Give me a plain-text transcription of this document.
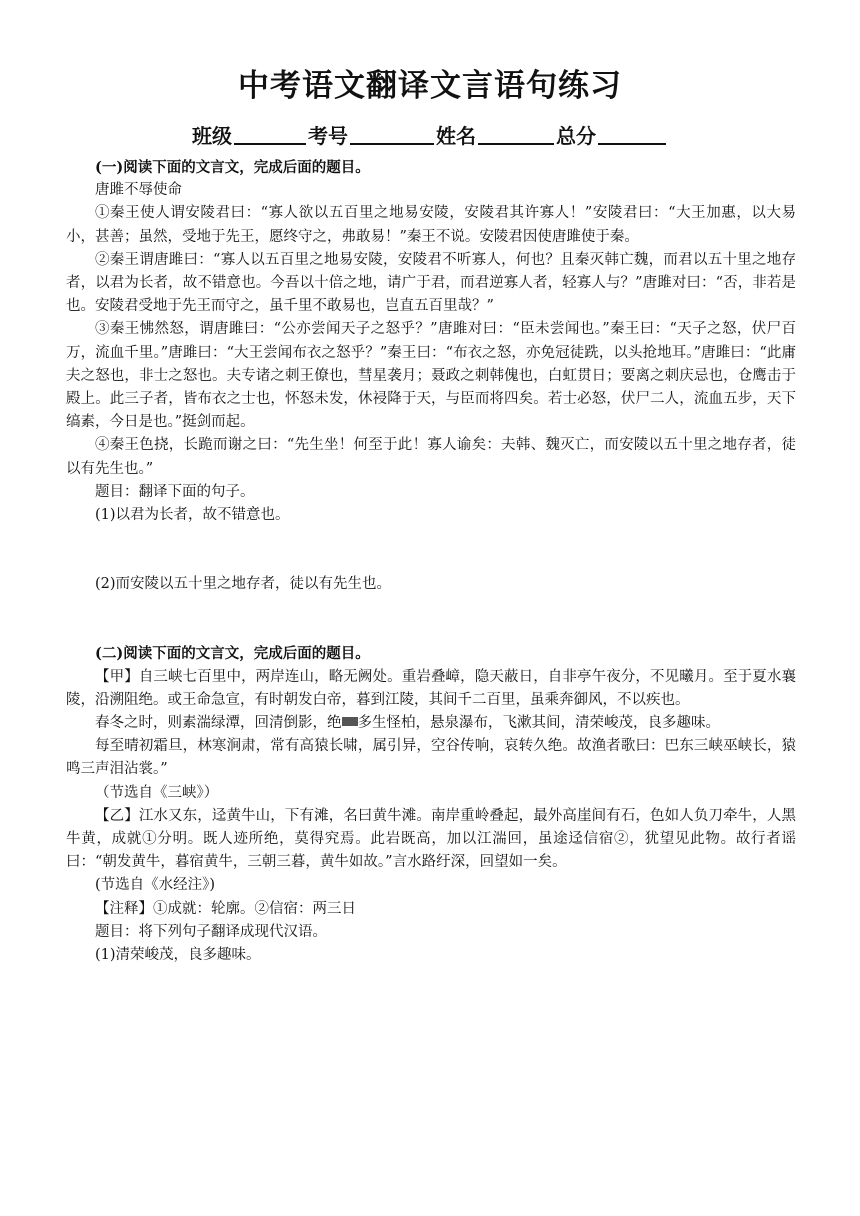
中考语文翻译文言语句练习
班级	考号	姓名	总分

(一)阅读下面的文言文，完成后面的题目。

唐雎不辱使命

①秦王使人谓安陵君曰：“寡人欲以五百里之地易安陵，安陵君其许寡人！”安陵君曰：“大王加惠，以大易小，甚善；虽然，受地于先王，愿终守之，弗敢易！”秦王不说。安陵君因使唐雎使于秦。

②秦王谓唐雎曰：“寡人以五百里之地易安陵，安陵君不听寡人，何也？且秦灭韩亡魏，而君以五十里之地存者，以君为长者，故不错意也。今吾以十倍之地，请广于君，而君逆寡人者，轻寡人与？”唐雎对曰：“否，非若是也。安陵君受地于先王而守之，虽千里不敢易也，岂直五百里哉？”

③秦王怫然怒，谓唐雎曰：“公亦尝闻天子之怒乎？”唐雎对曰：“臣未尝闻也。”秦王曰：“天子之怒，伏尸百万，流血千里。”唐雎曰：“大王尝闻布衣之怒乎？”秦王曰：“布衣之怒，亦免冠徒跣，以头抢地耳。”唐雎曰：“此庸夫之怒也，非士之怒也。夫专诸之刺王僚也，彗星袭月；聂政之刺韩傀也，白虹贯日；要离之刺庆忌也，仓鹰击于殿上。此三子者，皆布衣之士也，怀怒未发，休祲降于天，与臣而将四矣。若士必怒，伏尸二人，流血五步，天下缟素，今日是也。”挺剑而起。

④秦王色挠，长跪而谢之曰：“先生坐！何至于此！寡人谕矣：夫韩、魏灭亡，而安陵以五十里之地存者，徒以有先生也。”

题目：翻译下面的句子。

(1)以君为长者，故不错意也。

(2)而安陵以五十里之地存者，徒以有先生也。

(二)阅读下面的文言文，完成后面的题目。

【甲】自三峡七百里中，两岸连山，略无阙处。重岩叠嶂，隐天蔽日，自非亭午夜分，不见曦月。至于夏水襄陵，沿溯阻绝。或王命急宣，有时朝发白帝，暮到江陵，其间千二百里，虽乘奔御风，不以疾也。

春冬之时，则素湍绿潭，回清倒影，绝 多生怪柏，悬泉瀑布，飞漱其间，清荣峻茂，良多趣味。

每至晴初霜旦，林寒涧肃，常有高猿长啸，属引异，空谷传响，哀转久绝。故渔者歌曰：巴东三峡巫峡长，猿鸣三声泪沾裳。”

（节选自《三峡》）

【乙】江水又东，迳黄牛山，下有滩，名曰黄牛滩。南岸重岭叠起，最外高崖间有石，色如人负刀牵牛，人黑牛黄，成就①分明。既人迹所绝，莫得究焉。此岩既高，加以江湍回，虽途迳信宿②，犹望见此物。故行者谣曰：“朝发黄牛，暮宿黄牛，三朝三暮，黄牛如故。”言水路纡深，回望如一矣。

(节选自《水经注》)

【注释】①成就：轮廓。②信宿：两三日

题目：将下列句子翻译成现代汉语。

(1)清荣峻茂，良多趣味。
